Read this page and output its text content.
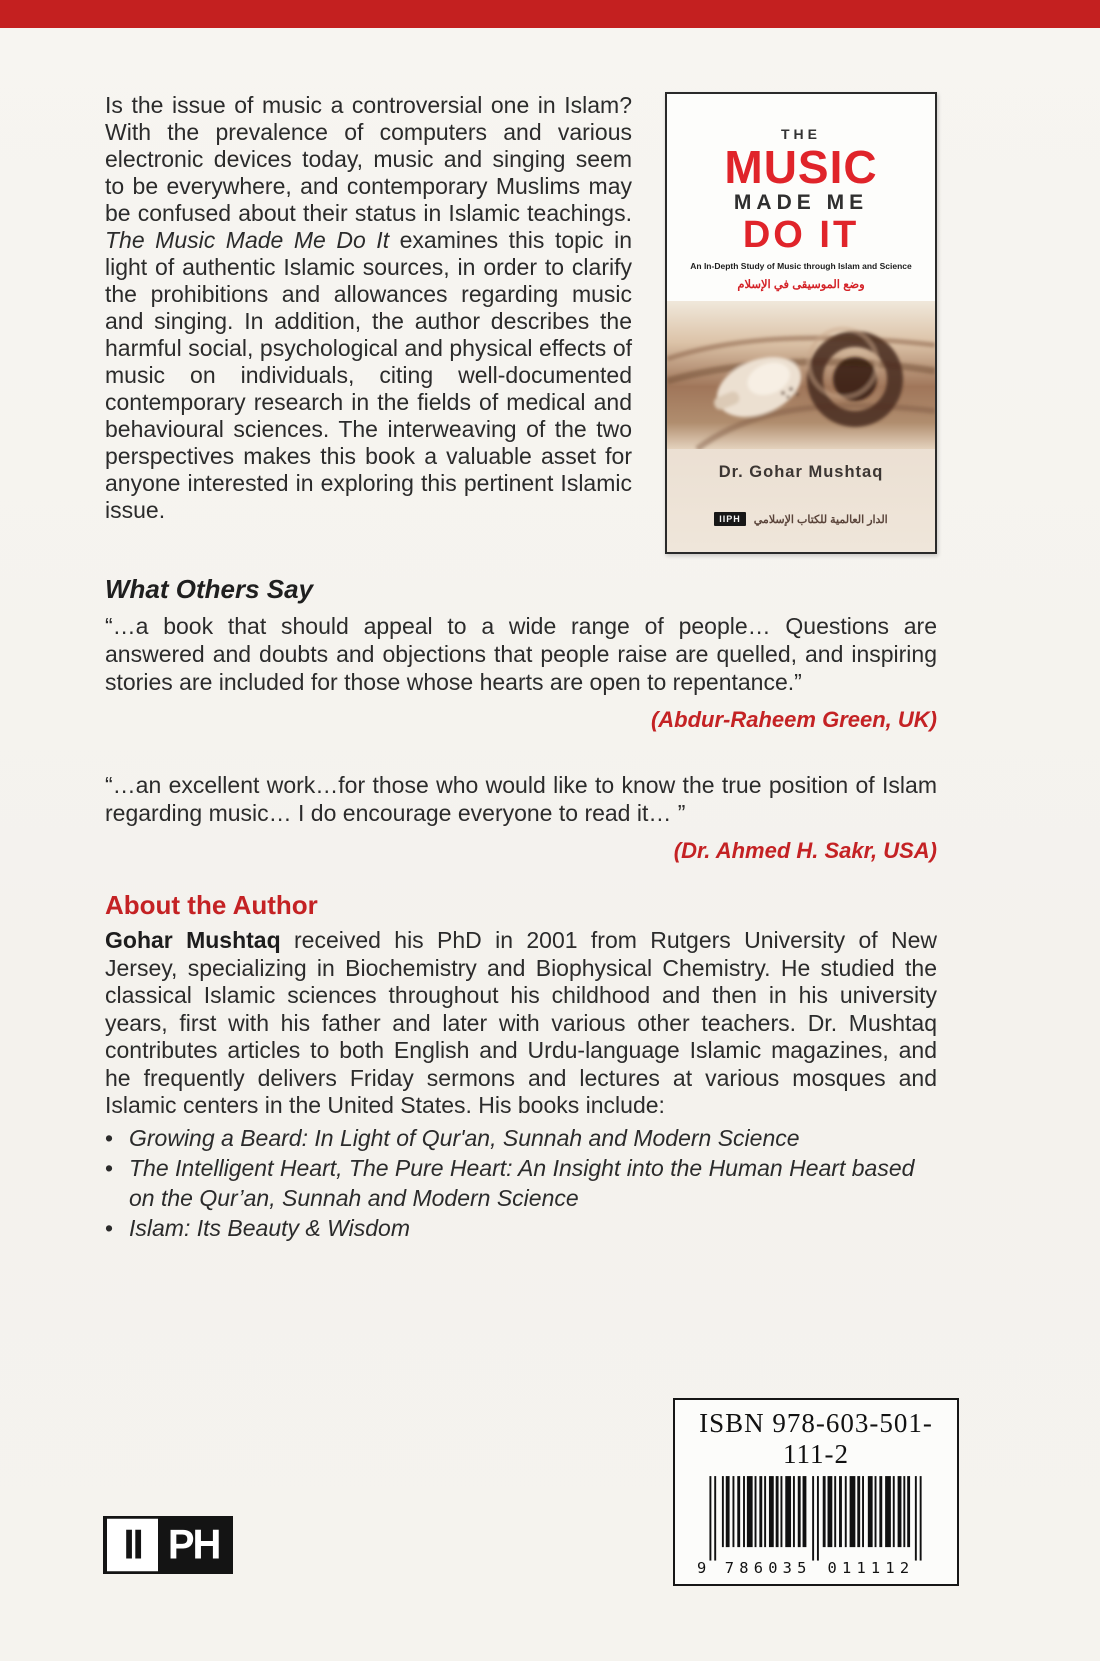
Is the issue of music a controversial one in Islam? With the prevalence of computers and various electronic devices today, music and singing seem to be everywhere, and contemporary Muslims may be confused about their status in Islamic teachings. The Music Made Me Do It examines this topic in light of authentic Islamic sources, in order to clarify the prohibitions and allowances regarding music and singing. In addition, the author describes the harmful social, psychological and physical effects of music on individuals, citing well-documented contemporary research in the fields of medical and behavioural sciences. The interweaving of the two perspectives makes this book a valuable asset for anyone interested in exploring this pertinent Islamic issue.
THE
MUSIC
MADE ME
DO IT
An In-Depth Study of Music through Islam and Science
وضع الموسيقى في الإسلام
Dr. Gohar Mushtaq
IIPH	الدار العالمية للكتاب الإسلامي
What Others Say
“…a book that should appeal to a wide range of people… Questions are answered and doubts and objections that people raise are quelled, and inspiring stories are included for those whose hearts are open to repentance.”
(Abdur-Raheem Green, UK)
“…an excellent work…for those who would like to know the true position of Islam regarding music… I do encourage everyone to read it… ”
(Dr. Ahmed H. Sakr, USA)
About the Author
Gohar Mushtaq received his PhD in 2001 from Rutgers University of New Jersey, specializing in Biochemistry and Biophysical Chemistry. He studied the classical Islamic sciences throughout his childhood and then in his university years, first with his father and later with various other teachers. Dr. Mushtaq contributes articles to both English and Urdu-language Islamic magazines, and he frequently delivers Friday sermons and lectures at various mosques and Islamic centers in the United States. His books include:
• Growing a Beard: In Light of Qur'an, Sunnah and Modern Science
• The Intelligent Heart, The Pure Heart: An Insight into the Human Heart based on the Qur’an, Sunnah and Modern Science
• Islam: Its Beauty & Wisdom
ISBN 978-603-501-111-2
9 786035 011112
II PH
